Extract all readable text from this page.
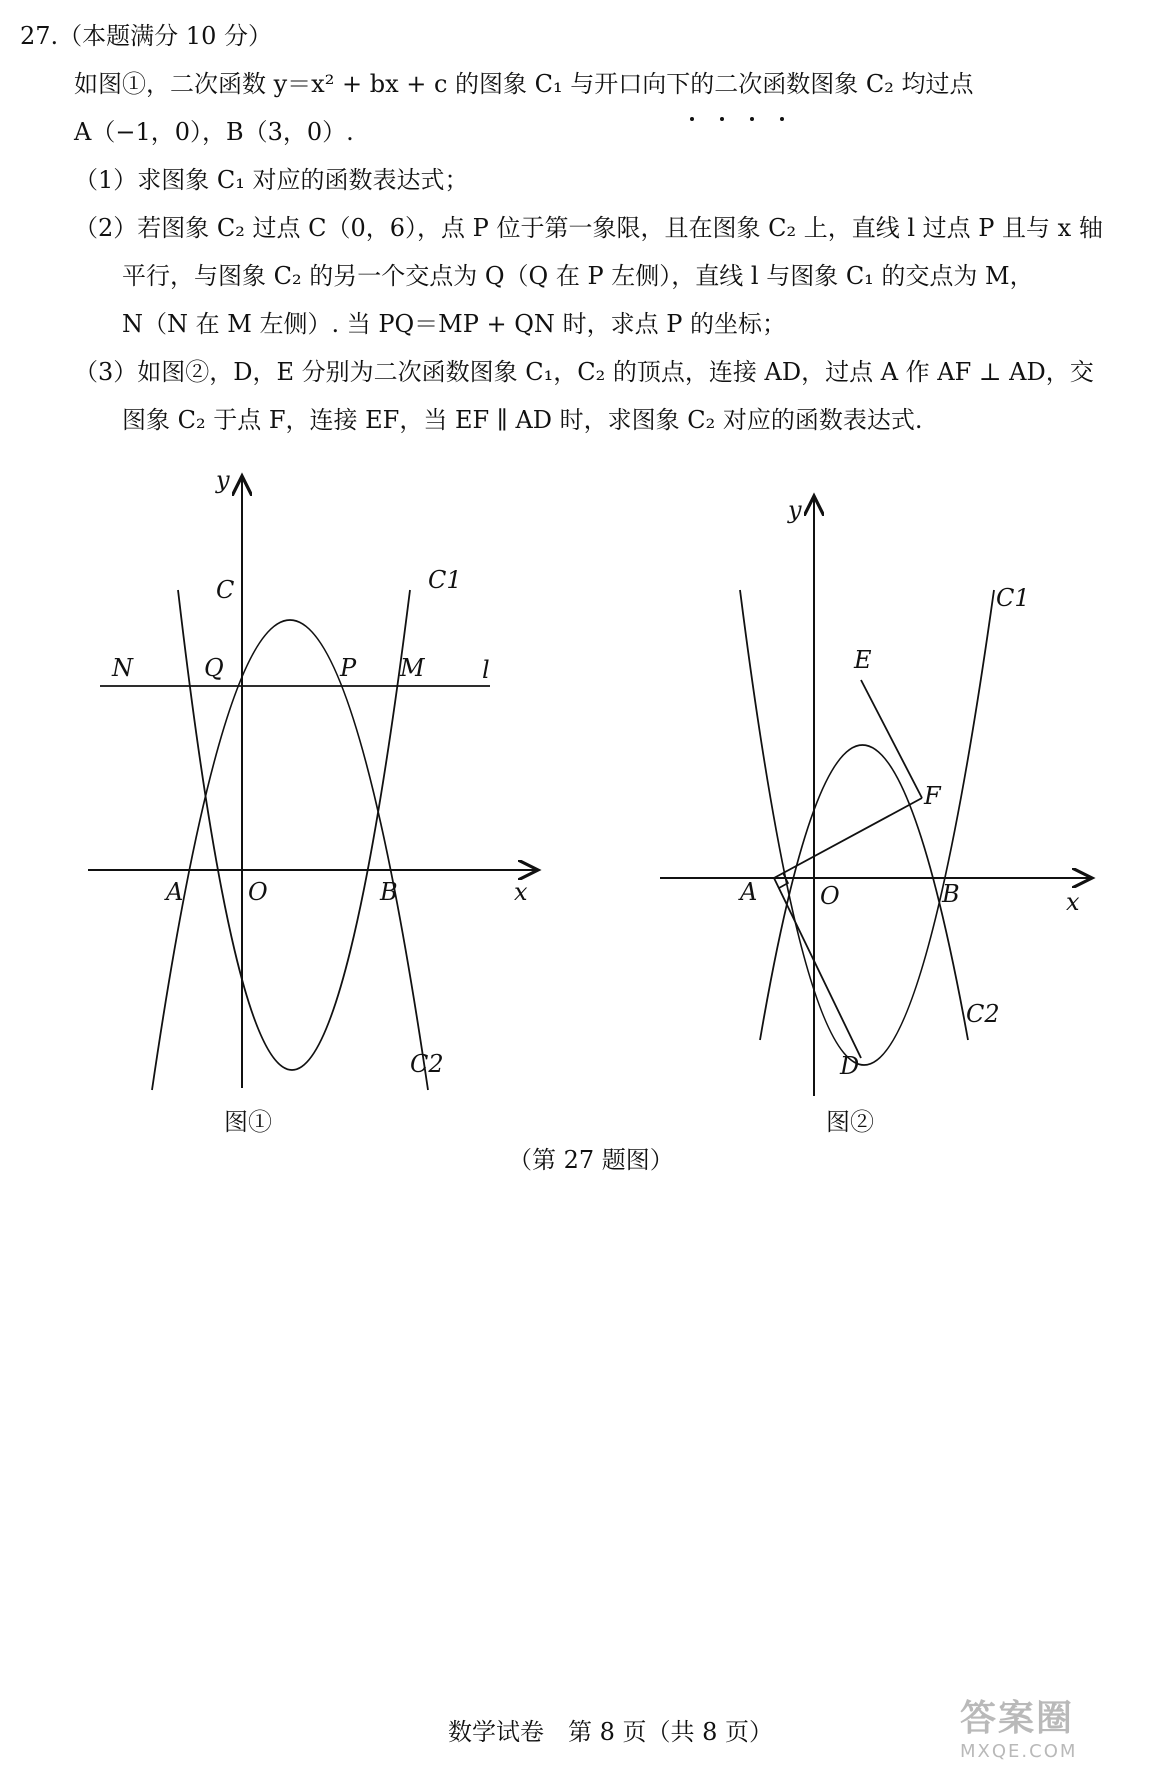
27.（本题满分 10 分）
如图①，二次函数 y＝x² + bx + c 的图象 C₁ 与开口向下的二次函数图象 C₂ 均过点
A（−1，0），B（3，0）.
（1）求图象 C₁ 对应的函数表达式；
（2）若图象 C₂ 过点 C（0，6），点 P 位于第一象限，且在图象 C₂ 上，直线 l 过点 P 且与 x 轴
平行，与图象 C₂ 的另一个交点为 Q（Q 在 P 左侧），直线 l 与图象 C₁ 的交点为 M，
N（N 在 M 左侧）. 当 PQ＝MP + QN 时，求点 P 的坐标；
（3）如图②，D，E 分别为二次函数图象 C₁，C₂ 的顶点，连接 AD，过点 A 作 AF ⊥ AD，交
图象 C₂ 于点 F，连接 EF，当 EF ∥ AD 时，求图象 C₂ 对应的函数表达式.
y
C	C1
N	Q	P M l
A	O	B	x
C2
图①
y
E
C1
F
A	O	B	x
C2
D
图②
（第 27 题图）
数学试卷　第 8 页（共 8 页）	答案圈
MXQE.COM
